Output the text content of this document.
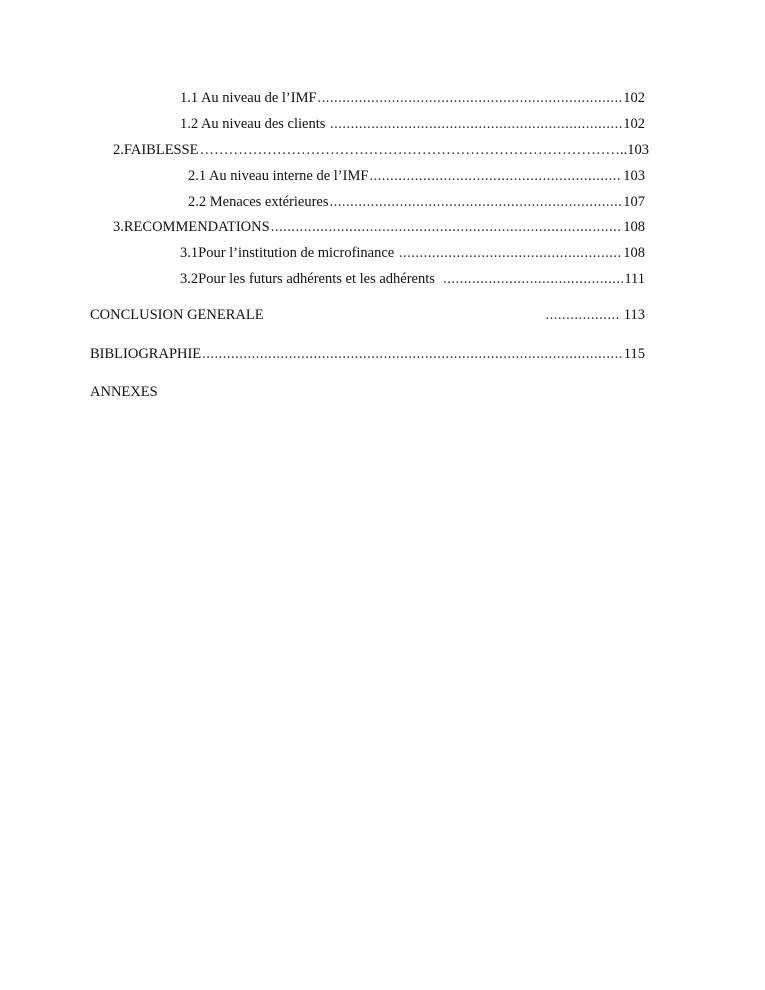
1.1 Au niveau de l’IMF .....	102
1.2 Au niveau des clients .....	102
2. FAIBLESSE …………………………………………………………………………………………………………………………………………………………………………	..103
2.1 Au niveau interne de l’IMF .....	103
2.2 Menaces extérieures .....	107
3. RECOMMENDATIONS .....	108
3.1 Pour l’institution de microfinance .....	108
3.2 Pour les futurs adhérents et les adhérents .....	111
CONCLUSION GENERALE	.................. 113
BIBLIOGRAPHIE .....	115
ANNEXES
